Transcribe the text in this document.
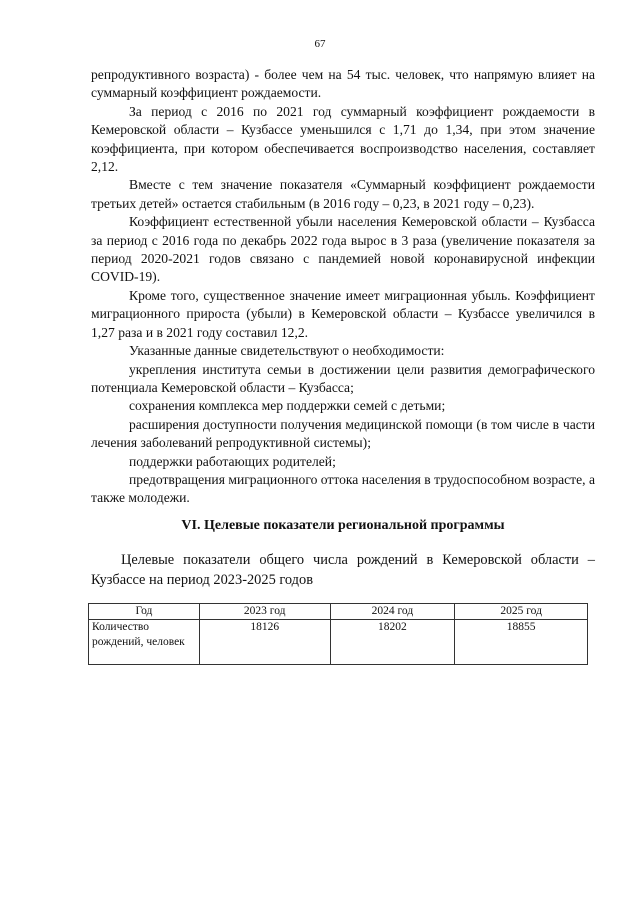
67

репродуктивного возраста) - более чем на 54 тыс. человек, что напрямую влияет на суммарный коэффициент рождаемости.

За период с 2016 по 2021 год суммарный коэффициент рождаемости в Кемеровской области – Кузбассе уменьшился с 1,71 до 1,34, при этом значение коэффициента, при котором обеспечивается воспроизводство населения, составляет 2,12.

Вместе с тем значение показателя «Суммарный коэффициент рождаемости третьих детей» остается стабильным (в 2016 году – 0,23, в 2021 году – 0,23).

Коэффициент естественной убыли населения Кемеровской области – Кузбасса за период с 2016 года по декабрь 2022 года вырос в 3 раза (увеличение показателя за период 2020-2021 годов связано с пандемией новой коронавирусной инфекции COVID-19).

Кроме того, существенное значение имеет миграционная убыль. Коэффициент миграционного прироста (убыли) в Кемеровской области – Кузбассе увеличился в 1,27 раза и в 2021 году составил 12,2.

Указанные данные свидетельствуют о необходимости:

укрепления института семьи в достижении цели развития демографического потенциала Кемеровской области – Кузбасса;

сохранения комплекса мер поддержки семей с детьми;

расширения доступности получения медицинской помощи (в том числе в части лечения заболеваний репродуктивной системы);

поддержки работающих родителей;

предотвращения миграционного оттока населения в трудоспособном возрасте, а также молодежи.

VI. Целевые показатели региональной программы

Целевые показатели общего числа рождений в Кемеровской области – Кузбассе на период 2023-2025 годов

Год	2023 год	2024 год	2025 год
Количество рождений, человек	18126	18202	18855
